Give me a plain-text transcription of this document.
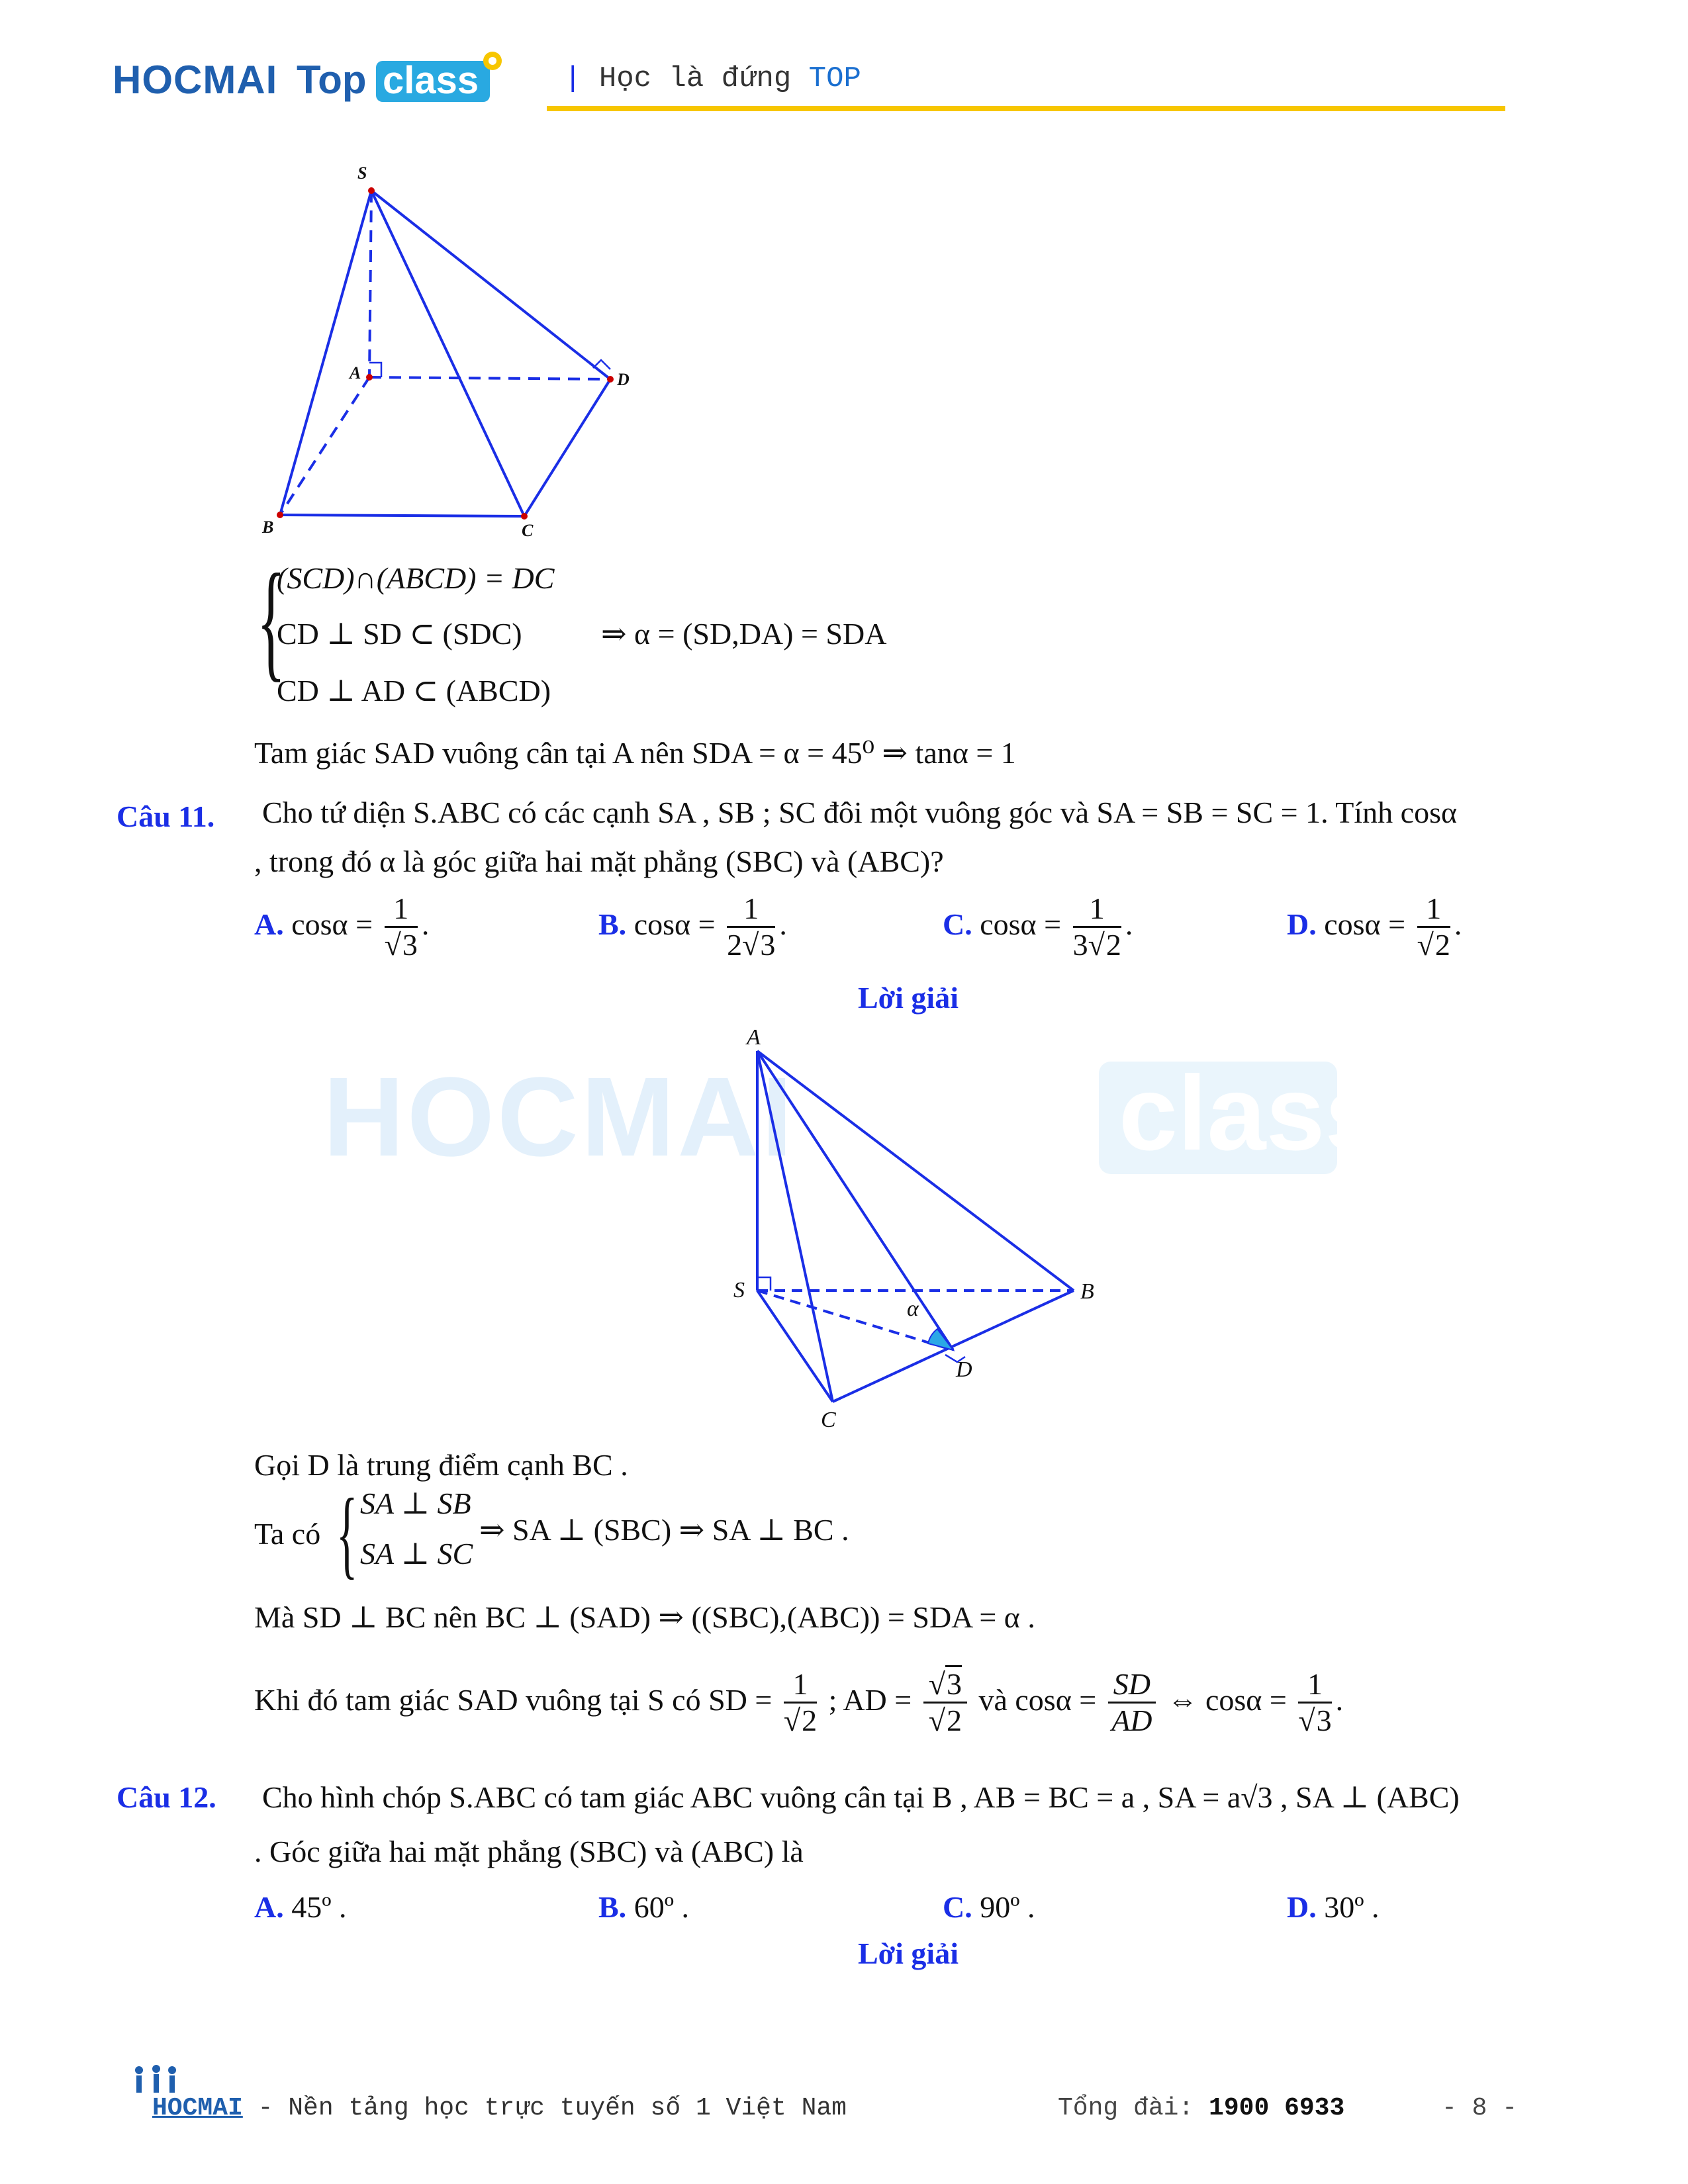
HOCMAI Top class	| Học là đứng TOP
S
A	D
B	C
{
(SCD)∩(ABCD) = DC
CD ⊥ SD ⊂ (SDC)
CD ⊥ AD ⊂ (ABCD)
⇒ α = (SD,DA) = SDA
Tam giác SAD vuông cân tại A nên SDA = α = 45⁰ ⇒ tanα = 1
Câu 11. Cho tứ diện S.ABC có các cạnh SA , SB ; SC đôi một vuông góc và SA = SB = SC = 1. Tính cosα
, trong đó α là góc giữa hai mặt phẳng (SBC) và (ABC)?
A. $\cos\alpha = \frac{1}{√3}$ .	B. $\cos\alpha = \frac{1}{2√3}$ .	C. $\cos\alpha = \frac{1}{3√2}$ .	D. $\cos\alpha = \frac{1}{√2}$ .
Lời giải
HOCMAI	class
A
S	B
C
D
α
Gọi D là trung điểm cạnh BC .
Ta có { SA ⊥ SB
SA ⊥ SC
⇒ SA ⊥ (SBC) ⇒ SA ⊥ BC .
Mà SD ⊥ BC nên BC ⊥ (SAD) ⇒ ((SBC),(ABC)) = SDA = α .
Khi đó tam giác SAD vuông tại S có SD = $\frac{1}{√2}$ ; AD = $\frac{√3}{√2}$ và $\cos\alpha = \frac{SD}{AD}$ ⇔ $\cos\alpha = \frac{1}{√3}$ .
Câu 12. Cho hình chóp S.ABC có tam giác ABC vuông cân tại B , AB = BC = a , SA = a√3 , SA ⊥ (ABC)
. Góc giữa hai mặt phẳng (SBC) và (ABC) là
A. 45º .	B. 60º .	C. 90º .	D. 30º .
Lời giải
HOCMAI - Nền tảng học trực tuyến số 1 Việt Nam	Tổng đài: 1900 6933	- 8 -
